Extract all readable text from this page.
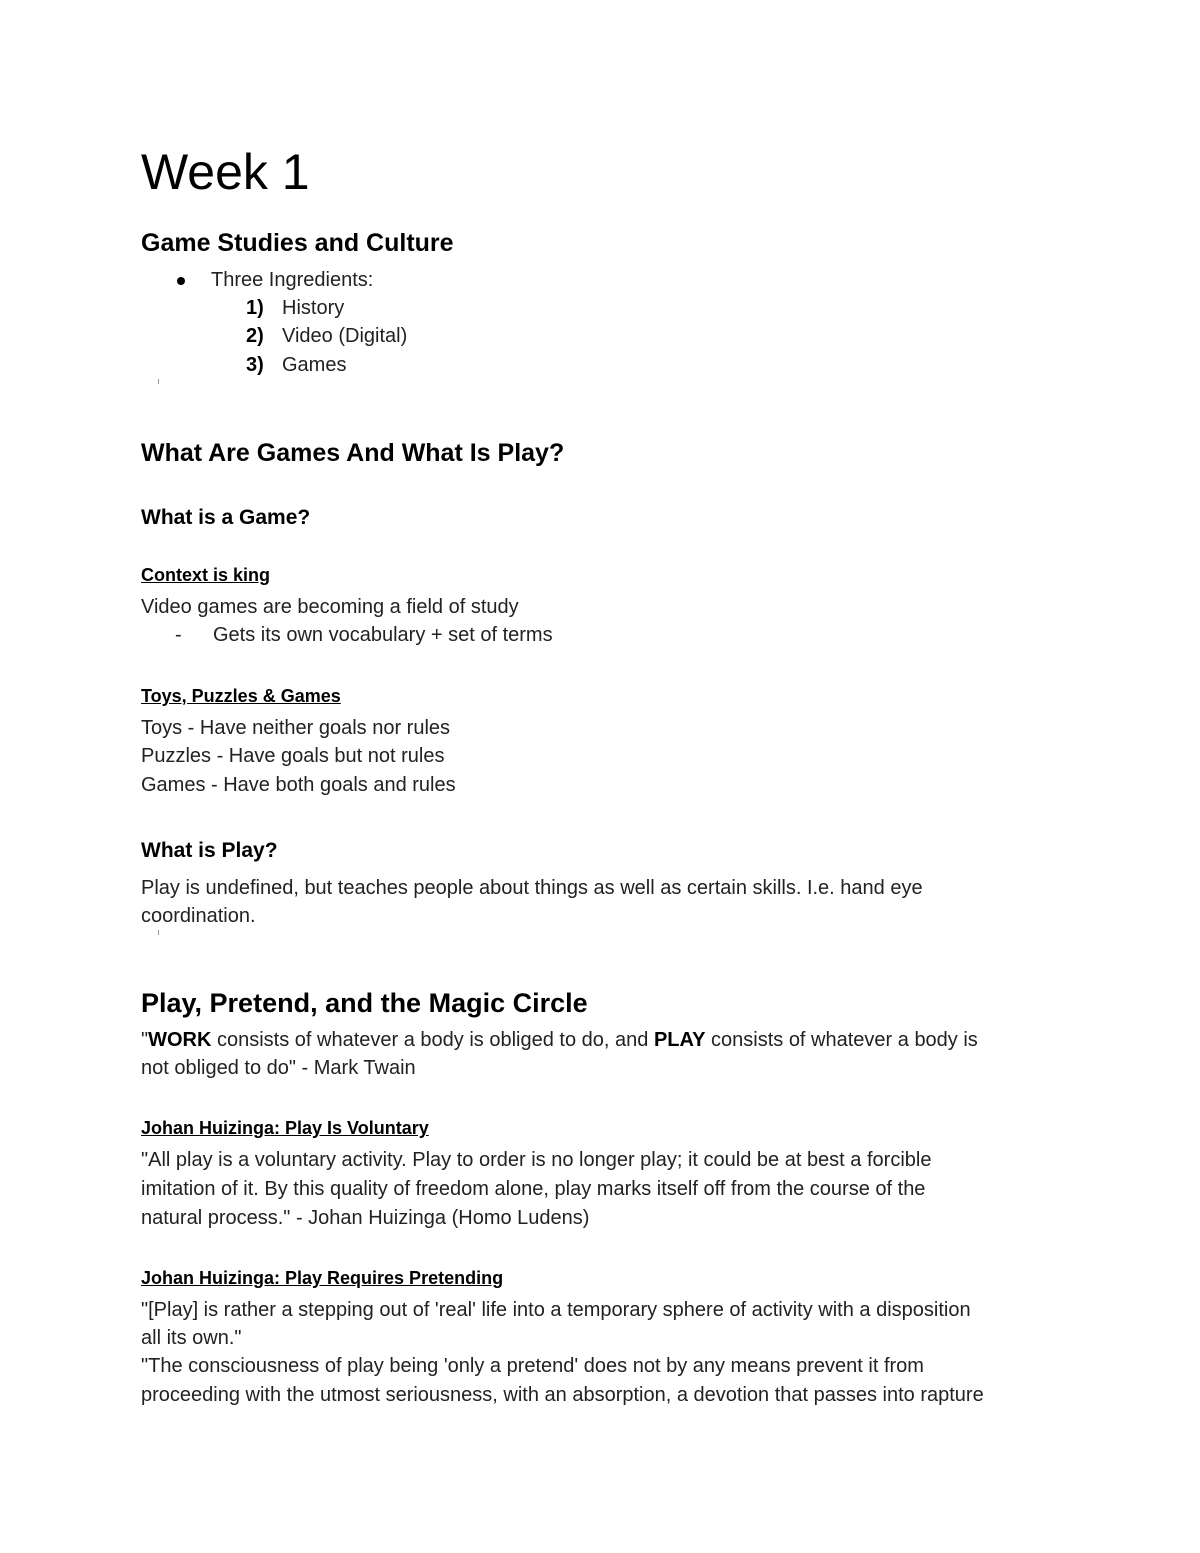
Week 1
Game Studies and Culture
Three Ingredients:
1) History
2) Video (Digital)
3) Games
What Are Games And What Is Play?
What is a Game?
Context is king
Video games are becoming a field of study
- Gets its own vocabulary + set of terms
Toys, Puzzles & Games
Toys - Have neither goals nor rules
Puzzles - Have goals but not rules
Games - Have both goals and rules
What is Play?
Play is undefined, but teaches people about things as well as certain skills. I.e. hand eye
coordination.
Play, Pretend, and the Magic Circle
"WORK consists of whatever a body is obliged to do, and PLAY consists of whatever a body is
not obliged to do" - Mark Twain
Johan Huizinga: Play Is Voluntary
"All play is a voluntary activity. Play to order is no longer play; it could be at best a forcible
imitation of it. By this quality of freedom alone, play marks itself off from the course of the
natural process." - Johan Huizinga (Homo Ludens)
Johan Huizinga: Play Requires Pretending
"[Play] is rather a stepping out of 'real' life into a temporary sphere of activity with a disposition
all its own."
"The consciousness of play being 'only a pretend' does not by any means prevent it from
proceeding with the utmost seriousness, with an absorption, a devotion that passes into rapture
